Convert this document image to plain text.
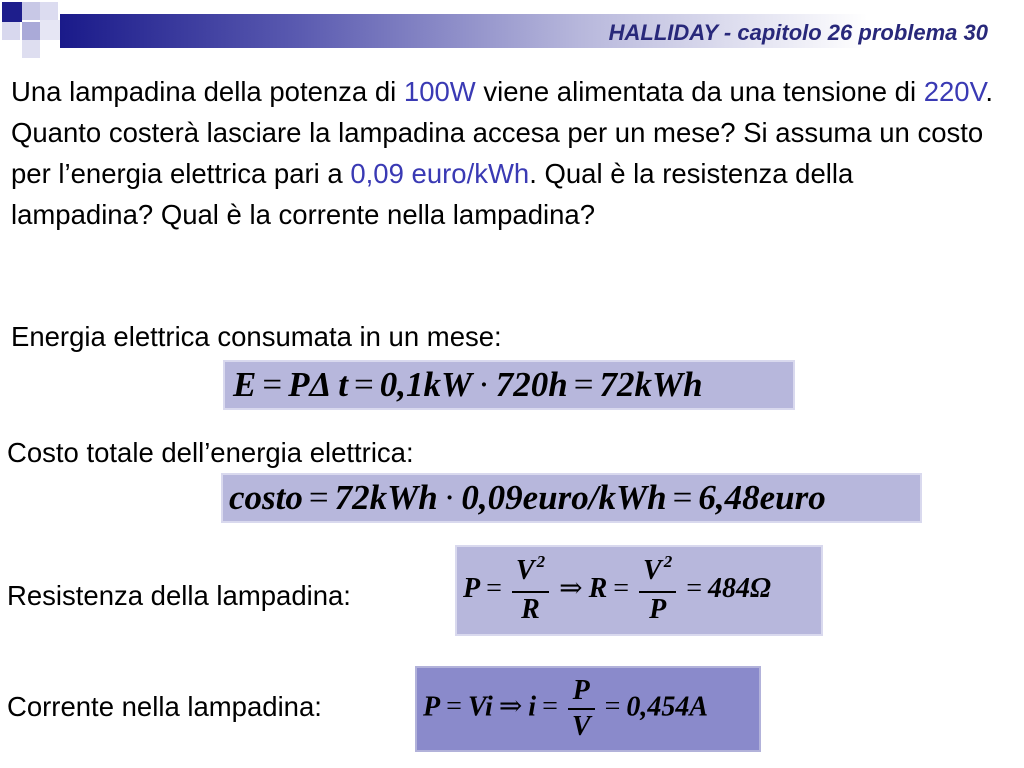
HALLIDAY - capitolo 26 problema 30
Una lampadina della potenza di 100W viene alimentata da una tensione di 220V. Quanto costerà lasciare la lampadina accesa per un mese? Si assuma un costo per l’energia elettrica pari a 0,09 euro/kWh. Qual è la resistenza della lampadina? Qual è la corrente nella lampadina?
Energia elettrica consumata in un mese:
E = PΔ t = 0,1kW · 720h = 72kWh
Costo totale dell’energia elettrica:
costo = 72kWh · 0,09euro/kWh = 6,48euro
Resistenza della lampadina:	$P = \frac{V ^2}{R}$ ⇒ $R = \frac{V ^2}{P} = 484\Omega$
Corrente nella lampadina:	P = Vi ⇒ $i = \frac{P}{V} = 0,454A$
